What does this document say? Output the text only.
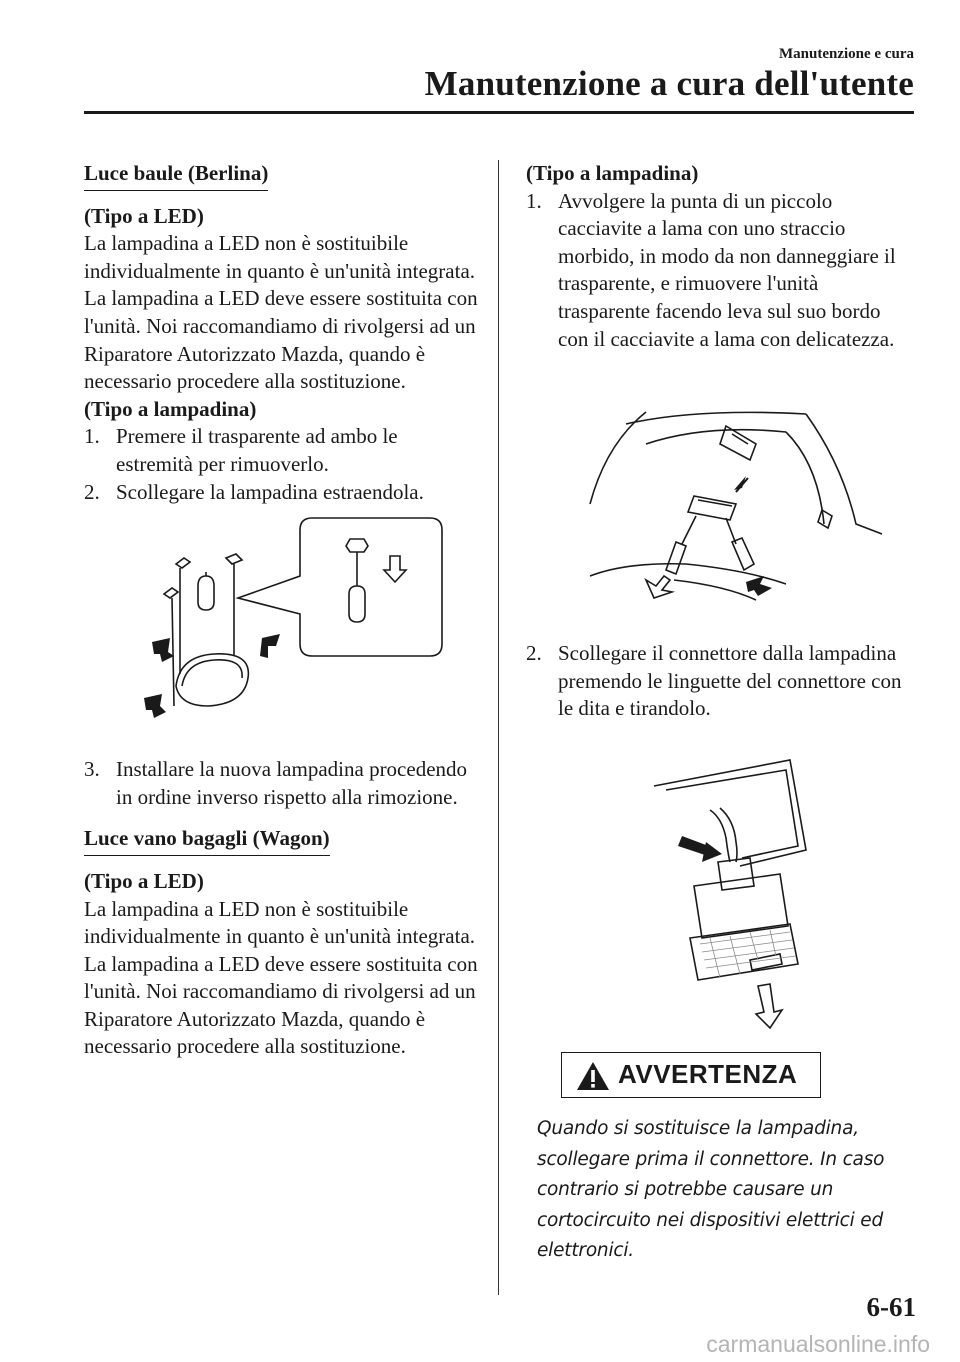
Manutenzione e cura
Manutenzione a cura dell'utente
Luce baule (Berlina)

(Tipo a LED)

La lampadina a LED non è sostituibile individualmente in quanto è un'unità integrata.

La lampadina a LED deve essere sostituita con l'unità. Noi raccomandiamo di rivolgersi ad un Riparatore Autorizzato Mazda, quando è necessario procedere alla sostituzione.

(Tipo a lampadina)

1. Premere il trasparente ad ambo le estremità per rimuoverlo.
2. Scollegare la lampadina estraendola.
3. Installare la nuova lampadina procedendo in ordine inverso rispetto alla rimozione.
Luce vano bagagli (Wagon)

(Tipo a LED)

La lampadina a LED non è sostituibile individualmente in quanto è un'unità integrata.

La lampadina a LED deve essere sostituita con l'unità. Noi raccomandiamo di rivolgersi ad un Riparatore Autorizzato Mazda, quando è necessario procedere alla sostituzione.

(Tipo a lampadina)

1. Avvolgere la punta di un piccolo cacciavite a lama con uno straccio morbido, in modo da non danneggiare il trasparente, e rimuovere l'unità trasparente facendo leva sul suo bordo con il cacciavite a lama con delicatezza.
2. Scollegare il connettore dalla lampadina premendo le linguette del connettore con le dita e tirandolo.
AVVERTENZA
Quando si sostituisce la lampadina, scollegare prima il connettore. In caso contrario si potrebbe causare un cortocircuito nei dispositivi elettrici ed elettronici.
6-61
carmanualsonline.info
